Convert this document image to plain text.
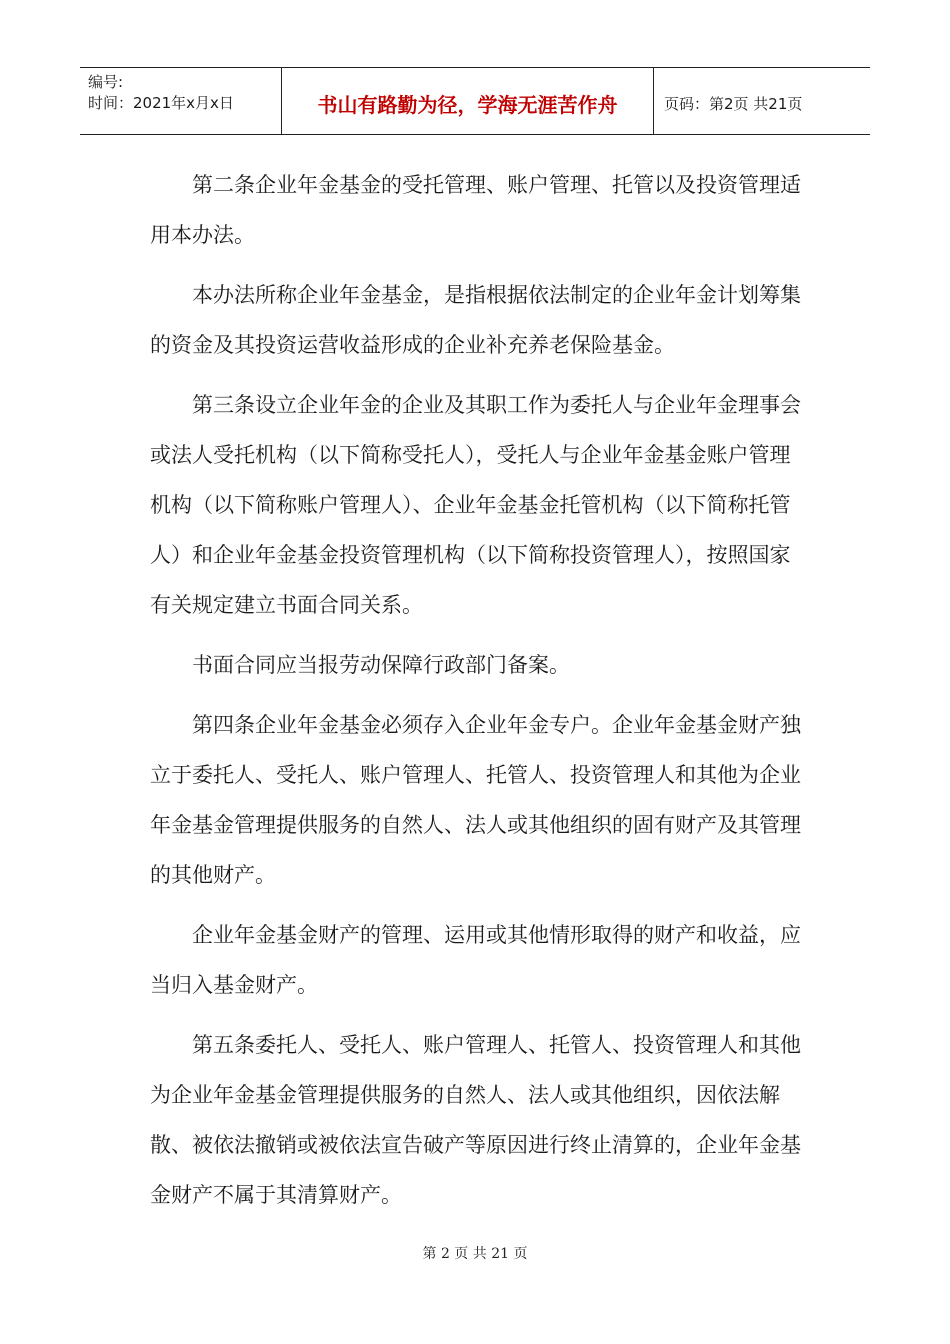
编号:
时间：2021年x月x日	书山有路勤为径，学海无涯苦作舟	页码：第2页 共21页

第二条企业年金基金的受托管理、账户管理、托管以及投资管理适用本办法。

本办法所称企业年金基金，是指根据依法制定的企业年金计划筹集的资金及其投资运营收益形成的企业补充养老保险基金。

第三条设立企业年金的企业及其职工作为委托人与企业年金理事会或法人受托机构（以下简称受托人），受托人与企业年金基金账户管理机构（以下简称账户管理人）、企业年金基金托管机构（以下简称托管人）和企业年金基金投资管理机构（以下简称投资管理人），按照国家有关规定建立书面合同关系。

书面合同应当报劳动保障行政部门备案。

第四条企业年金基金必须存入企业年金专户。企业年金基金财产独立于委托人、受托人、账户管理人、托管人、投资管理人和其他为企业年金基金管理提供服务的自然人、法人或其他组织的固有财产及其管理的其他财产。

企业年金基金财产的管理、运用或其他情形取得的财产和收益，应当归入基金财产。

第五条委托人、受托人、账户管理人、托管人、投资管理人和其他为企业年金基金管理提供服务的自然人、法人或其他组织，因依法解散、被依法撤销或被依法宣告破产等原因进行终止清算的，企业年金基金财产不属于其清算财产。

第 2 页 共 21 页
